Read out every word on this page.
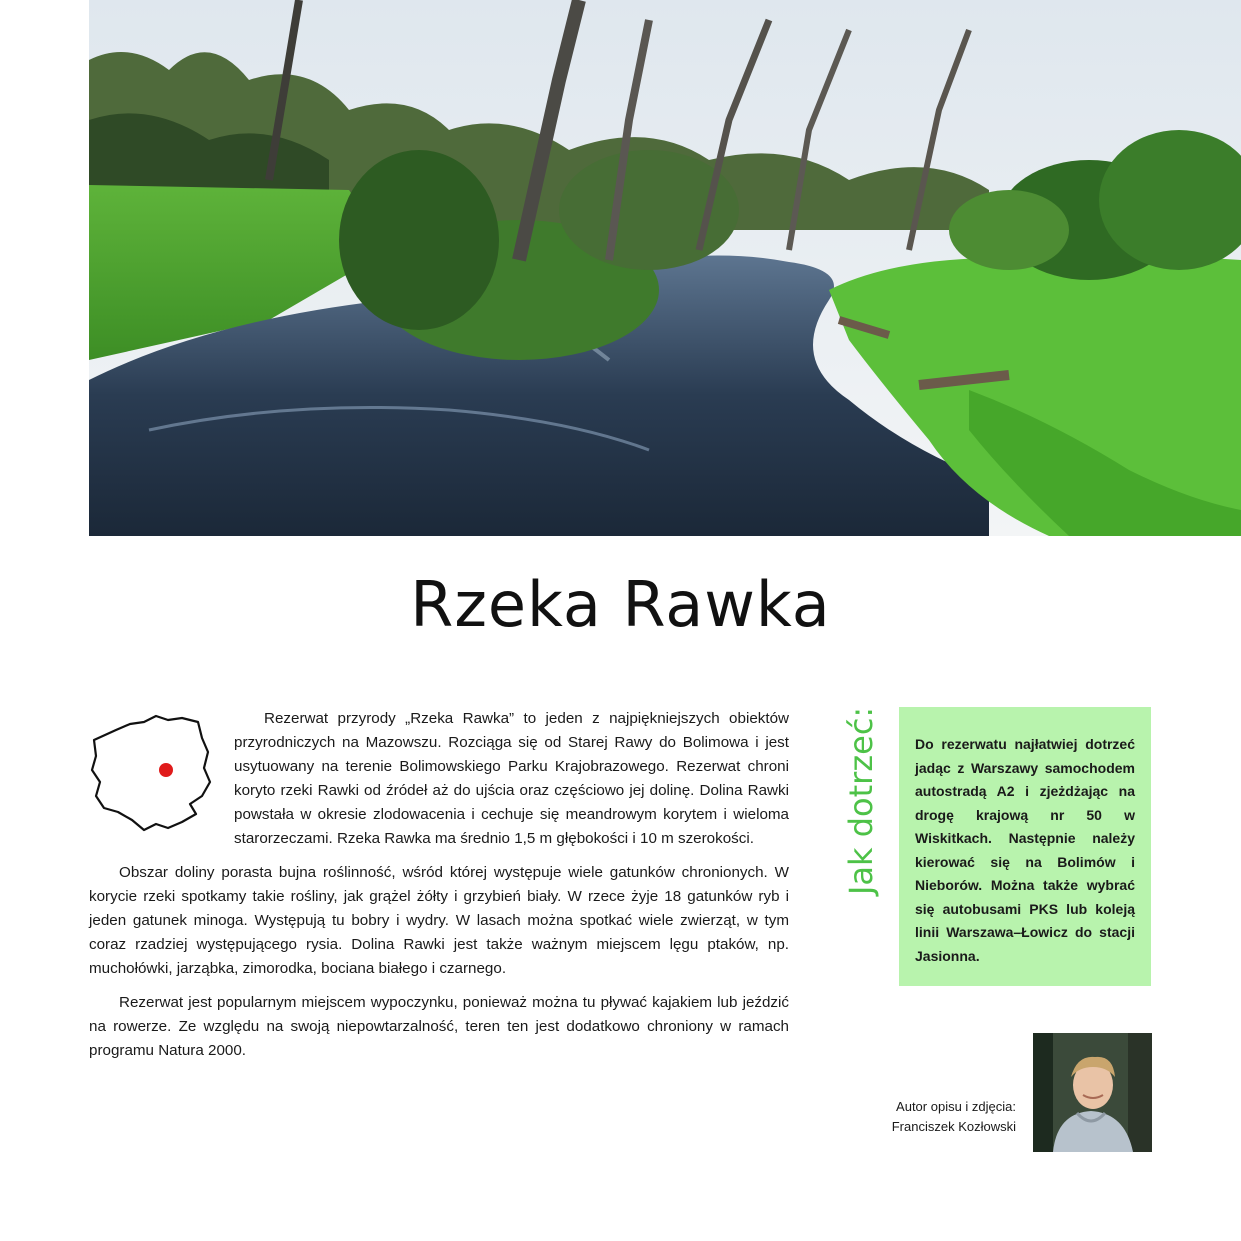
Rzeka Rawka

Rezerwat przyrody „Rzeka Rawka” to jeden z najpiękniejszych obiektów przyrodniczych na Mazowszu. Rozciąga się od Starej Rawy do Bolimowa i jest usytuowany na terenie Bolimowskiego Parku Krajobrazowego. Rezerwat chroni koryto rzeki Rawki od źródeł aż do ujścia oraz częściowo jej dolinę. Dolina Rawki powstała w okresie zlodowacenia i cechuje się meandrowym korytem i wieloma starorzeczami. Rzeka Rawka ma średnio 1,5 m głębokości i 10 m szerokości.

Obszar doliny porasta bujna roślinność, wśród której występuje wiele gatunków chronionych. W korycie rzeki spotkamy takie rośliny, jak grążel żółty i grzybień biały. W rzece żyje 18 gatunków ryb i jeden gatunek minoga. Występują tu bobry i wydry. W lasach można spotkać wiele zwierząt, w tym coraz rzadziej występującego rysia. Dolina Rawki jest także ważnym miejscem lęgu ptaków, np. muchołówki, jarząbka, zimorodka, bociana białego i czarnego.

Rezerwat jest popularnym miejscem wypoczynku, ponieważ można tu pływać kajakiem lub jeździć na rowerze. Ze względu na swoją niepowtarzalność, teren ten jest dodatkowo chroniony w ramach programu Natura 2000.

Jak dotrzeć:	Do rezerwatu najłatwiej dotrzeć jadąc z Warszawy samochodem autostradą A2 i zjeżdżając na drogę krajową nr 50 w Wiskitkach. Następnie należy kierować się na Bolimów i Nieborów. Można także wybrać się autobusami PKS lub koleją linii Warszawa–Łowicz do stacji Jasionna.

Autor opisu i zdjęcia:
Franciszek Kozłowski
